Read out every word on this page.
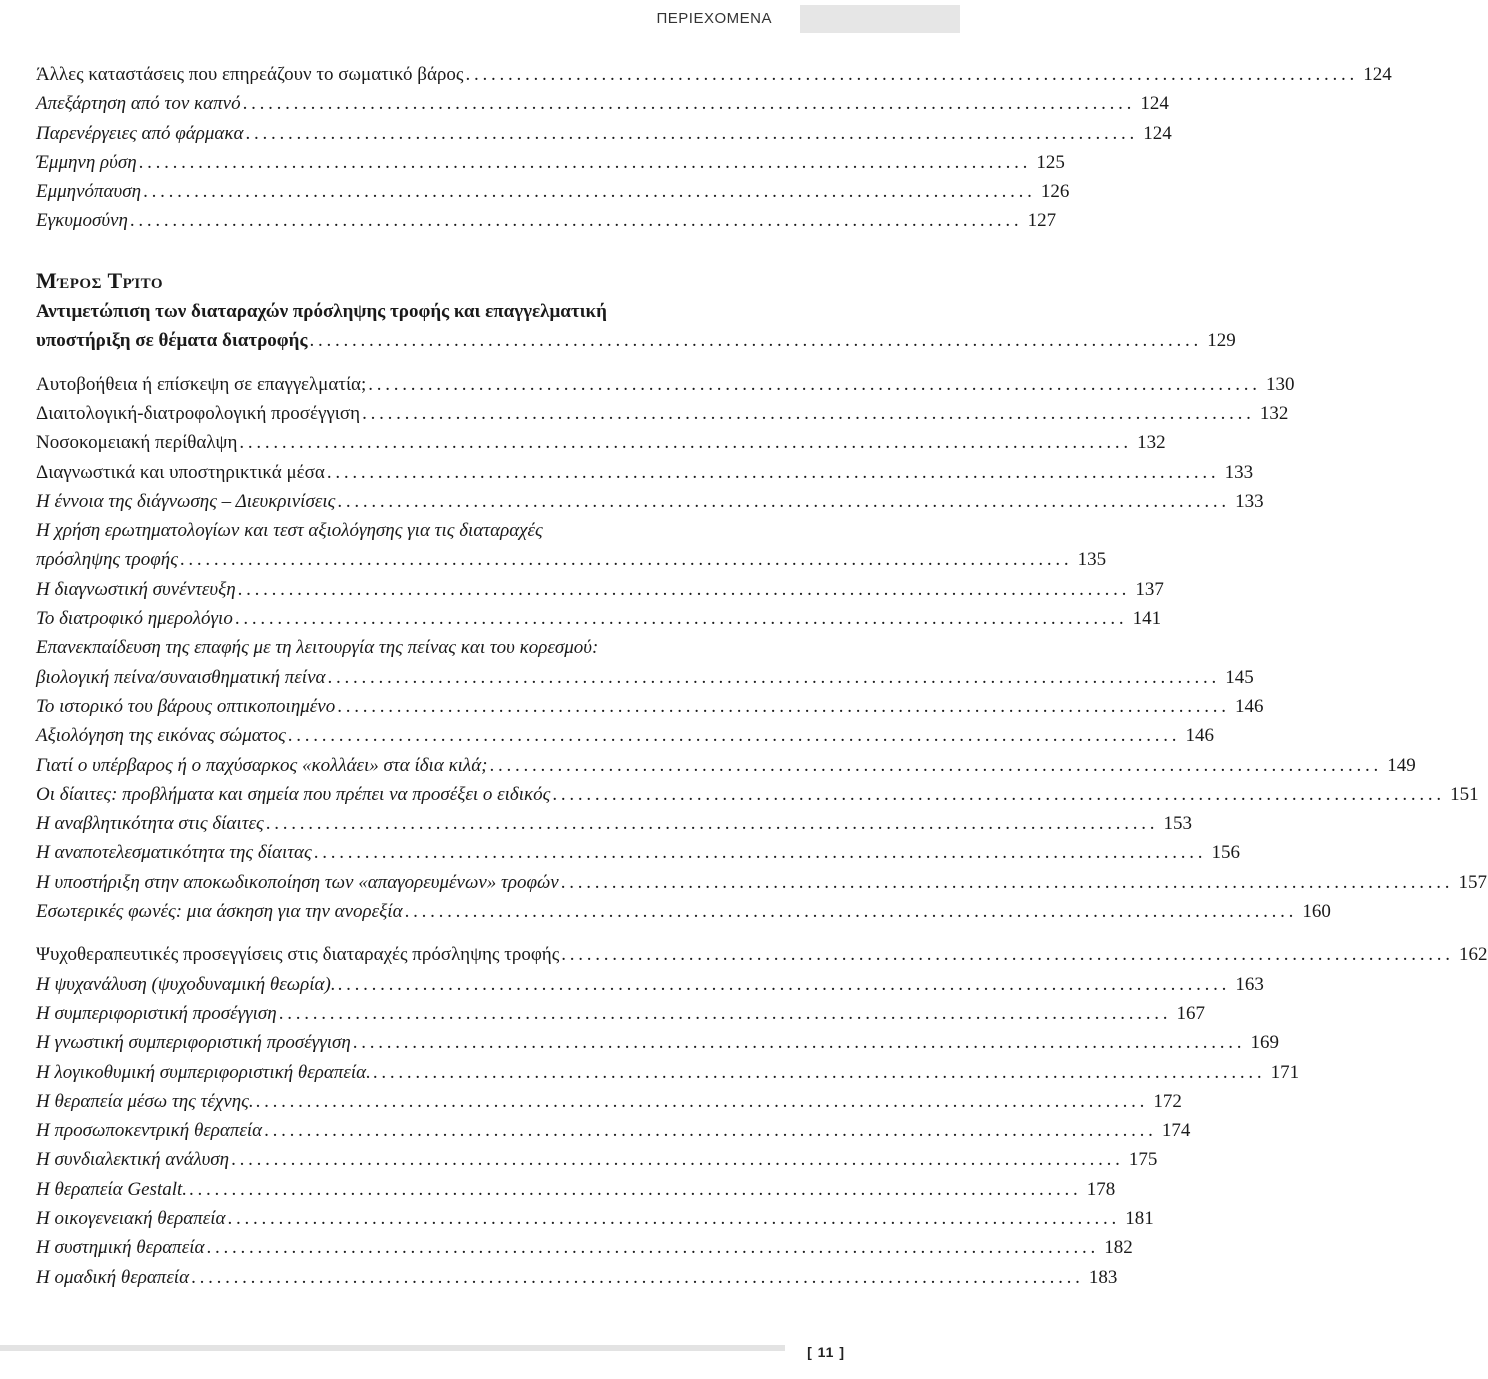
ΠΕΡΙΕΧΟΜΕΝΑ
Άλλες καταστάσεις που επηρεάζουν το σωματικό βάρος . . .	124
Απεξάρτηση από τον καπνό . . .	124
Παρενέργειες από φάρμακα . . .	124
Έμμηνη ρύση . . .	125
Εμμηνόπαυση . . .	126
Εγκυμοσύνη . . .	127
Μέρος Τρίτο
Αντιμετώπιση των διαταραχών πρόσληψης τροφής και επαγγελματική
υποστήριξη σε θέματα διατροφής . . .	129
Αυτοβοήθεια ή επίσκεψη σε επαγγελματία; . . .	130
Διαιτολογική-διατροφολογική προσέγγιση . . .	132
Νοσοκομειακή περίθαλψη . . .	132
Διαγνωστικά και υποστηρικτικά μέσα . . .	133
Η έννοια της διάγνωσης – Διευκρινίσεις . . .	133
Η χρήση ερωτηματολογίων και τεστ αξιολόγησης για τις διαταραχές
πρόσληψης τροφής . . .	135
Η διαγνωστική συνέντευξη . . .	137
Το διατροφικό ημερολόγιο . . .	141
Επανεκπαίδευση της επαφής με τη λειτουργία της πείνας και του κορεσμού:
βιολογική πείνα/συναισθηματική πείνα . . .	145
Το ιστορικό του βάρους οπτικοποιημένο . . .	146
Αξιολόγηση της εικόνας σώματος . . .	146
Γιατί ο υπέρβαρος ή ο παχύσαρκος «κολλάει» στα ίδια κιλά; . . .	149
Οι δίαιτες: προβλήματα και σημεία που πρέπει να προσέξει ο ειδικός . . .	151
Η αναβλητικότητα στις δίαιτες . . .	153
Η αναποτελεσματικότητα της δίαιτας . . .	156
Η υποστήριξη στην αποκωδικοποίηση των «απαγορευμένων» τροφών . . .	157
Εσωτερικές φωνές: μια άσκηση για την ανορεξία . . .	160
Ψυχοθεραπευτικές προσεγγίσεις στις διαταραχές πρόσληψης τροφής . . .	162
Η ψυχανάλυση (ψυχοδυναμική θεωρία). . . .	163
Η συμπεριφοριστική προσέγγιση . . .	167
Η γνωστική συμπεριφοριστική προσέγγιση . . .	169
Η λογικοθυμική συμπεριφοριστική θεραπεία. . . .	171
Η θεραπεία μέσω της τέχνης. . . .	172
Η προσωποκεντρική θεραπεία . . .	174
Η συνδιαλεκτική ανάλυση . . .	175
Η θεραπεία Gestalt. . . .	178
Η οικογενειακή θεραπεία . . .	181
Η συστημική θεραπεία . . .	182
Η ομαδική θεραπεία . . .	183
[ 11 ]
